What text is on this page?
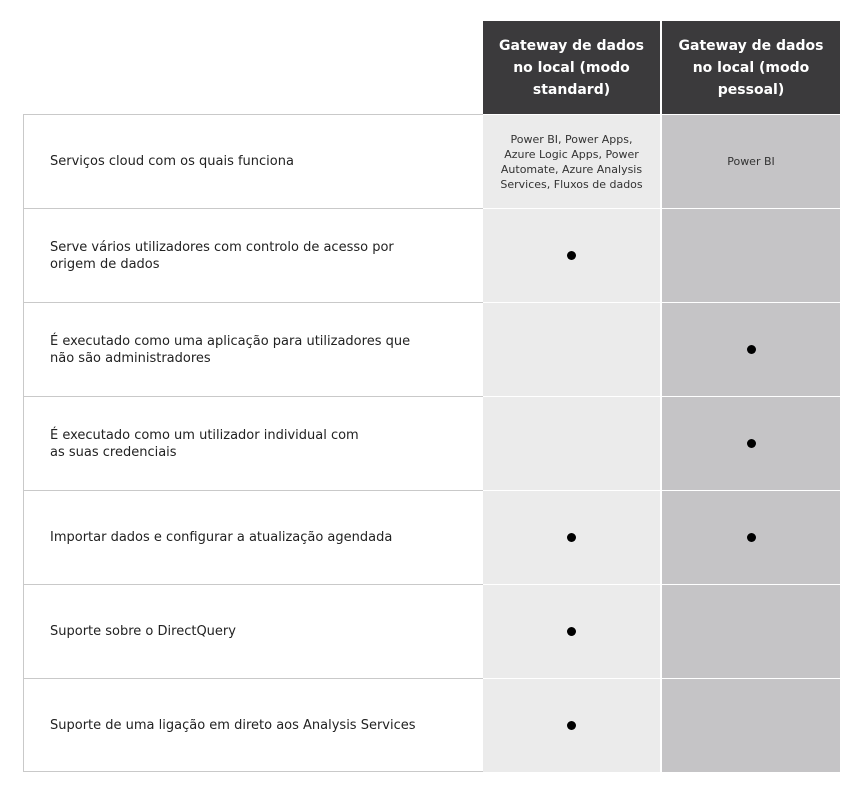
Gateway de dados no local (modo standard)
Gateway de dados no local (modo pessoal)
Serviços cloud com os quais funciona
Power BI, Power Apps, Azure Logic Apps, Power Automate, Azure Analysis Services, Fluxos de dados
Power BI
Serve vários utilizadores com controlo de acesso por origem de dados
É executado como uma aplicação para utilizadores que não são administradores
É executado como um utilizador individual com as suas credenciais
Importar dados e configurar a atualização agendada
Suporte sobre o DirectQuery
Suporte de uma ligação em direto aos Analysis Services
